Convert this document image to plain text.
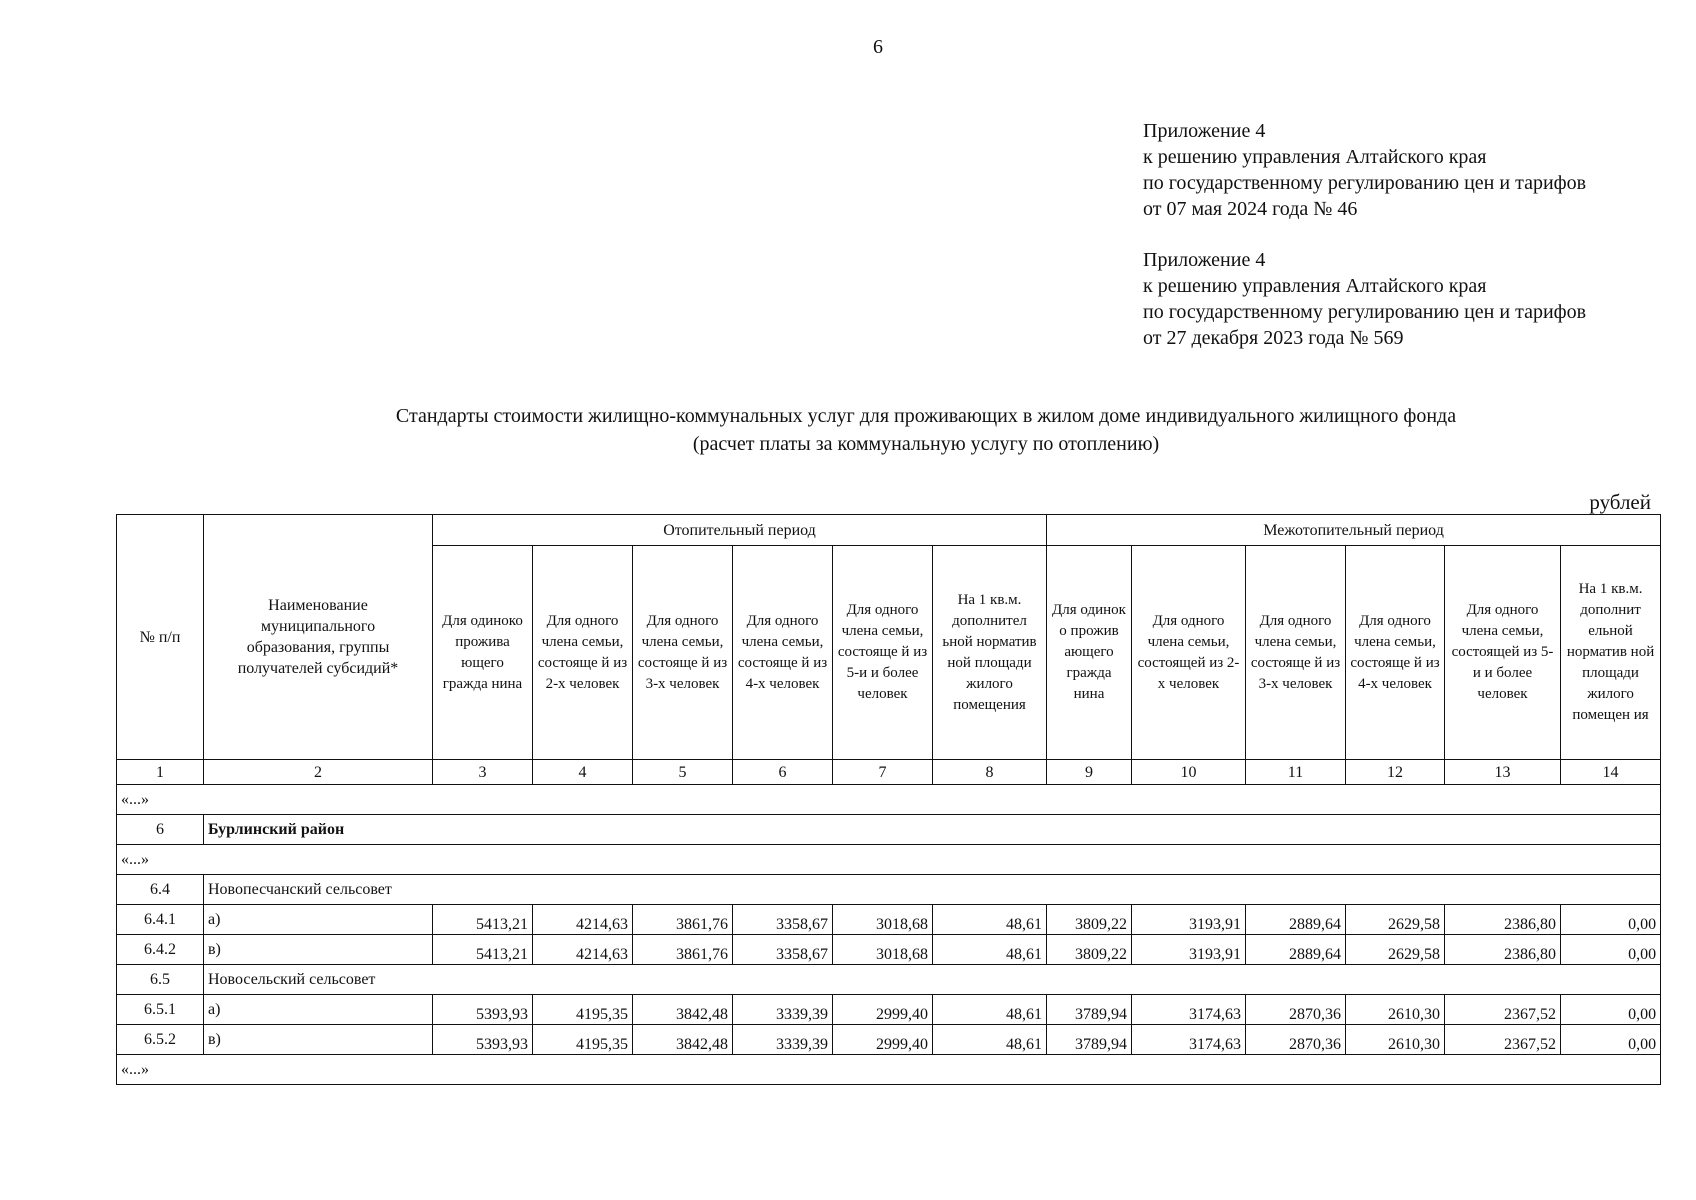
6
Приложение 4
к решению управления Алтайского края
по государственному регулированию цен и тарифов
от 07 мая 2024 года № 46
Приложение 4
к решению управления Алтайского края
по государственному регулированию цен и тарифов
от 27 декабря 2023 года № 569
Стандарты стоимости жилищно-коммунальных услуг для проживающих в жилом доме индивидуального жилищного фонда
(расчет платы за коммунальную услугу по отоплению)
рублей
№ п/п	Наименование муниципального образования, группы получателей субсидий*	Отопительный период						Межотопительный период					
		Для одиноко прожива ющего гражда нина	Для одного члена семьи, состояще й из 2-х человек	Для одного члена семьи, состояще й из 3-х человек	Для одного члена семьи, состояще й из 4-х человек	Для одного члена семьи, состояще й из 5-и и более человек	На 1 кв.м. дополнител ьной норматив ной площади жилого помещения	Для одинок о прожив ающего гражда нина	Для одного члена семьи, состоящей из 2-х человек	Для одного члена семьи, состояще й из 3-х человек	Для одного члена семьи, состояще й из 4-х человек	Для одного члена семьи, состоящей из 5-и и более человек	На 1 кв.м. дополнит ельной норматив ной площади жилого помещен ия
1	2	3	4	5	6	7	8	9	10	11	12	13	14
«...»													
6	Бурлинский район												
«...»													
6.4	Новопесчанский сельсовет												
6.4.1	а)	5413,21	4214,63	3861,76	3358,67	3018,68	48,61	3809,22	3193,91	2889,64	2629,58	2386,80	0,00
6.4.2	в)	5413,21	4214,63	3861,76	3358,67	3018,68	48,61	3809,22	3193,91	2889,64	2629,58	2386,80	0,00
6.5	Новосельский сельсовет												
6.5.1	а)	5393,93	4195,35	3842,48	3339,39	2999,40	48,61	3789,94	3174,63	2870,36	2610,30	2367,52	0,00
6.5.2	в)	5393,93	4195,35	3842,48	3339,39	2999,40	48,61	3789,94	3174,63	2870,36	2610,30	2367,52	0,00
«...»													
